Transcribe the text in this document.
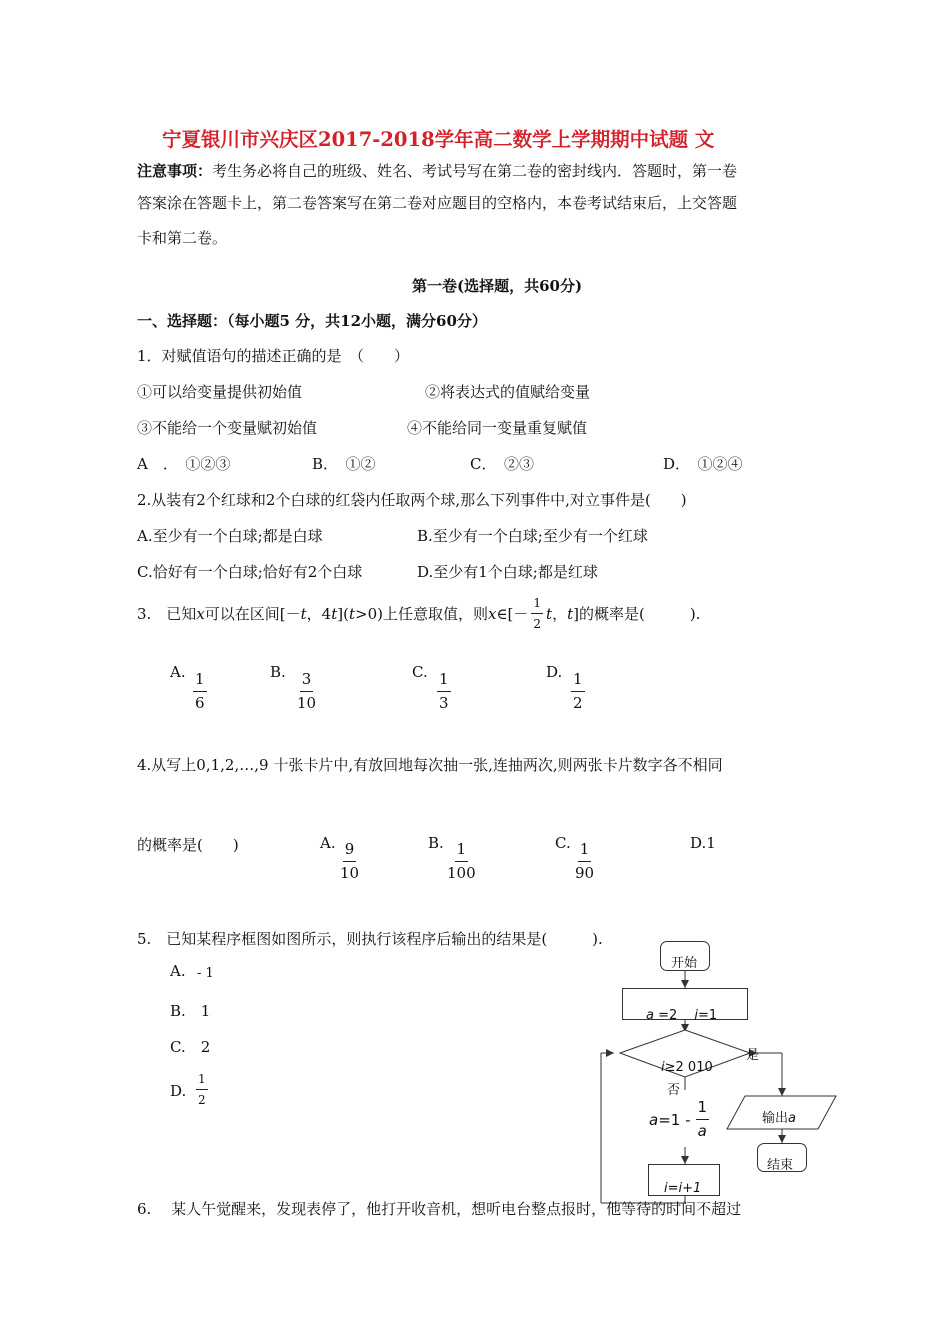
宁夏银川市兴庆区2017-2018学年高二数学上学期期中试题 文
注意事项：考生务必将自己的班级、姓名、考试号写在第二卷的密封线内．答题时，第一卷
答案涂在答题卡上，第二卷答案写在第二卷对应题目的空格内，本卷考试结束后，上交答题
卡和第二卷。
第一卷(选择题，共60分)
一、选择题：（每小题5 分，共12小题，满分60分）
1．对赋值语句的描述正确的是　（　　）
①可以给变量提供初始值	②将表达式的值赋给变量
③不能给一个变量赋初始值	④不能给同一变量重复赋值
A　．　①②③	B．　①②	C．　②③	D．　①②④
2.从装有2个红球和2个白球的红袋内任取两个球,那么下列事件中,对立事件是(　　)
A.至少有一个白球;都是白球	B.至少有一个白球;至少有一个红球
C.恰好有一个白球;恰好有2个白球	D.至少有1个白球;都是红球
3.　已知 x 可以在区间[－ t ，4 t ]( t >0)上任意取值，则 x ∈[－ $\frac{1}{2}$ t ， t ]的概率是(　　　).
A. $\frac{1}{6}$	B. $\frac{3}{10}$	C. $\frac{1}{3}$	D. $\frac{1}{2}$
4.从写上0,1,2,…,9 十张卡片中,有放回地每次抽一张,连抽两次,则两张卡片数字各不相同
的概率是(　　)	A. $\frac{9}{10}$	B. $\frac{1}{100}$	C. $\frac{1}{90}$	D.1
5.　已知某程序框图如图所示，则执行该程序后输出的结果是(　　　).
A. - 1
B.　1
C.　2
D. $\frac{1}{2}$
开始
a =2　 i=1
i≥2 010
是
否
$a =1 - \frac{1}{a}$	输出a
结束
i=i+1
6.　 某人午觉醒来，发现表停了，他打开收音机，想听电台整点报时，他等待的时间不超过
